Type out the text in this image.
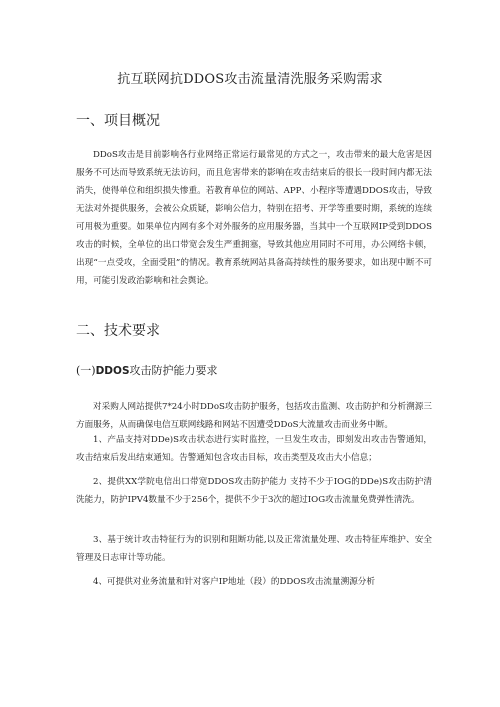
抗互联网抗DDOS攻击流量清洗服务采购需求
一、项目概况

DDoS攻击是目前影响各行业网络正常运行最常见的方式之一，攻击带来的最大危害是因服务不可达而导致系统无法访问，而且危害带来的影响在攻击结束后的很长一段时间内都无法消失，使得单位和组织损失惨重。若教育单位的网站、APP、小程序等遭遇DDOS攻击，导致无法对外提供服务，会被公众质疑，影响公信力，特别在招考、开学等重要时期，系统的连续可用极为重要。如果单位内网有多个对外服务的应用服务器，当其中一个互联网IP受到DDOS攻击的时候，全单位的出口带宽会发生严重拥塞，导致其他应用同时不可用，办公网络卡顿，出现“一点受攻，全面受阻”的情况。教育系统网站具备高持续性的服务要求，如出现中断不可用，可能引发政治影响和社会舆论。

二、技术要求
(一)DDOS攻击防护能力要求

对采购人网站提供7*24小时DDoS攻击防护服务，包括攻击监测、攻击防护和分析溯源三方面服务，从而确保电信互联网线路和网站不因遭受DDoS大流量攻击而业务中断。

1、产品支持对DDe)S攻击状态进行实时监控，一旦发生攻击，即刻发出攻击告警通知，攻击结束后发出结束通知。告警通知包含攻击目标，攻击类型及攻击大小信息；

2、提供XX学院电信出口带宽DDOS攻击防护能力 支持不少于IOG的DDe)S攻击防护清洗能力，防护IPV4数量不少于256个，提供不少于3次的超过IOG攻击流量免费弹性清洗。

3、基于统计攻击特征行为的识别和阻断功能,以及正常流量处理、攻击特征库维护、安全管理及日志审计等功能。

4、可提供对业务流量和针对客户IP地址（段）的DDOS攻击流量溯源分析
